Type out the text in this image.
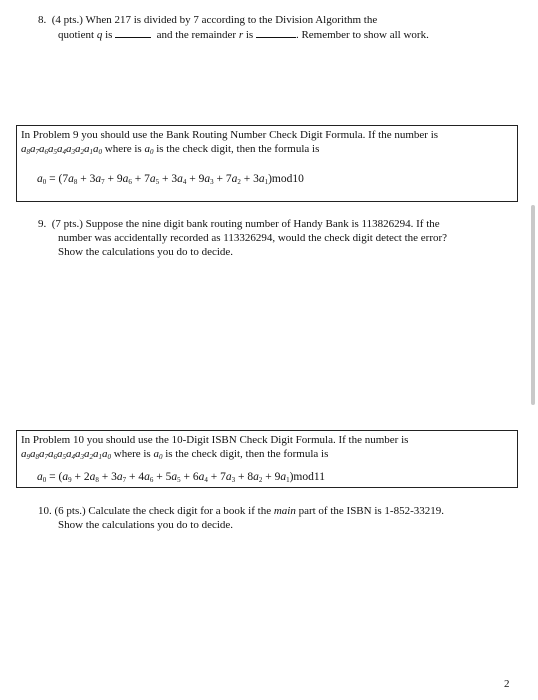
8. (4 pts.) When 217 is divided by 7 according to the Division Algorithm the
quotient q is	and the remainder r is	. Remember to show all work.
In Problem 9 you should use the Bank Routing Number Check Digit Formula. If the number is
$a_8a_7a_6a_5a_4a_3a_2a_1a_0$ where is $a_0$ is the check digit, then the formula is
$a_0 = (7a_8 + 3a_7 + 9a_6 + 7a_5 + 3a_4 + 9a_3 + 7a_2 + 3a_1)mod10$
9. (7 pts.) Suppose the nine digit bank routing number of Handy Bank is 113826294. If the
number was accidentally recorded as 113326294, would the check digit detect the error?
Show the calculations you do to decide.
In Problem 10 you should use the 10-Digit ISBN Check Digit Formula. If the number is
$a_9a_8a_7a_6a_5a_4a_3a_2a_1a_0$ where is $a_0$ is the check digit, then the formula is
$a_0 = (a_9 + 2a_8 + 3a_7 + 4a_6 + 5a_5 + 6a_4 + 7a_3 + 8a_2 + 9a_1)mod11$
10. (6 pts.) Calculate the check digit for a book if the main part of the ISBN is 1-852-33219.
Show the calculations you do to decide.
2
